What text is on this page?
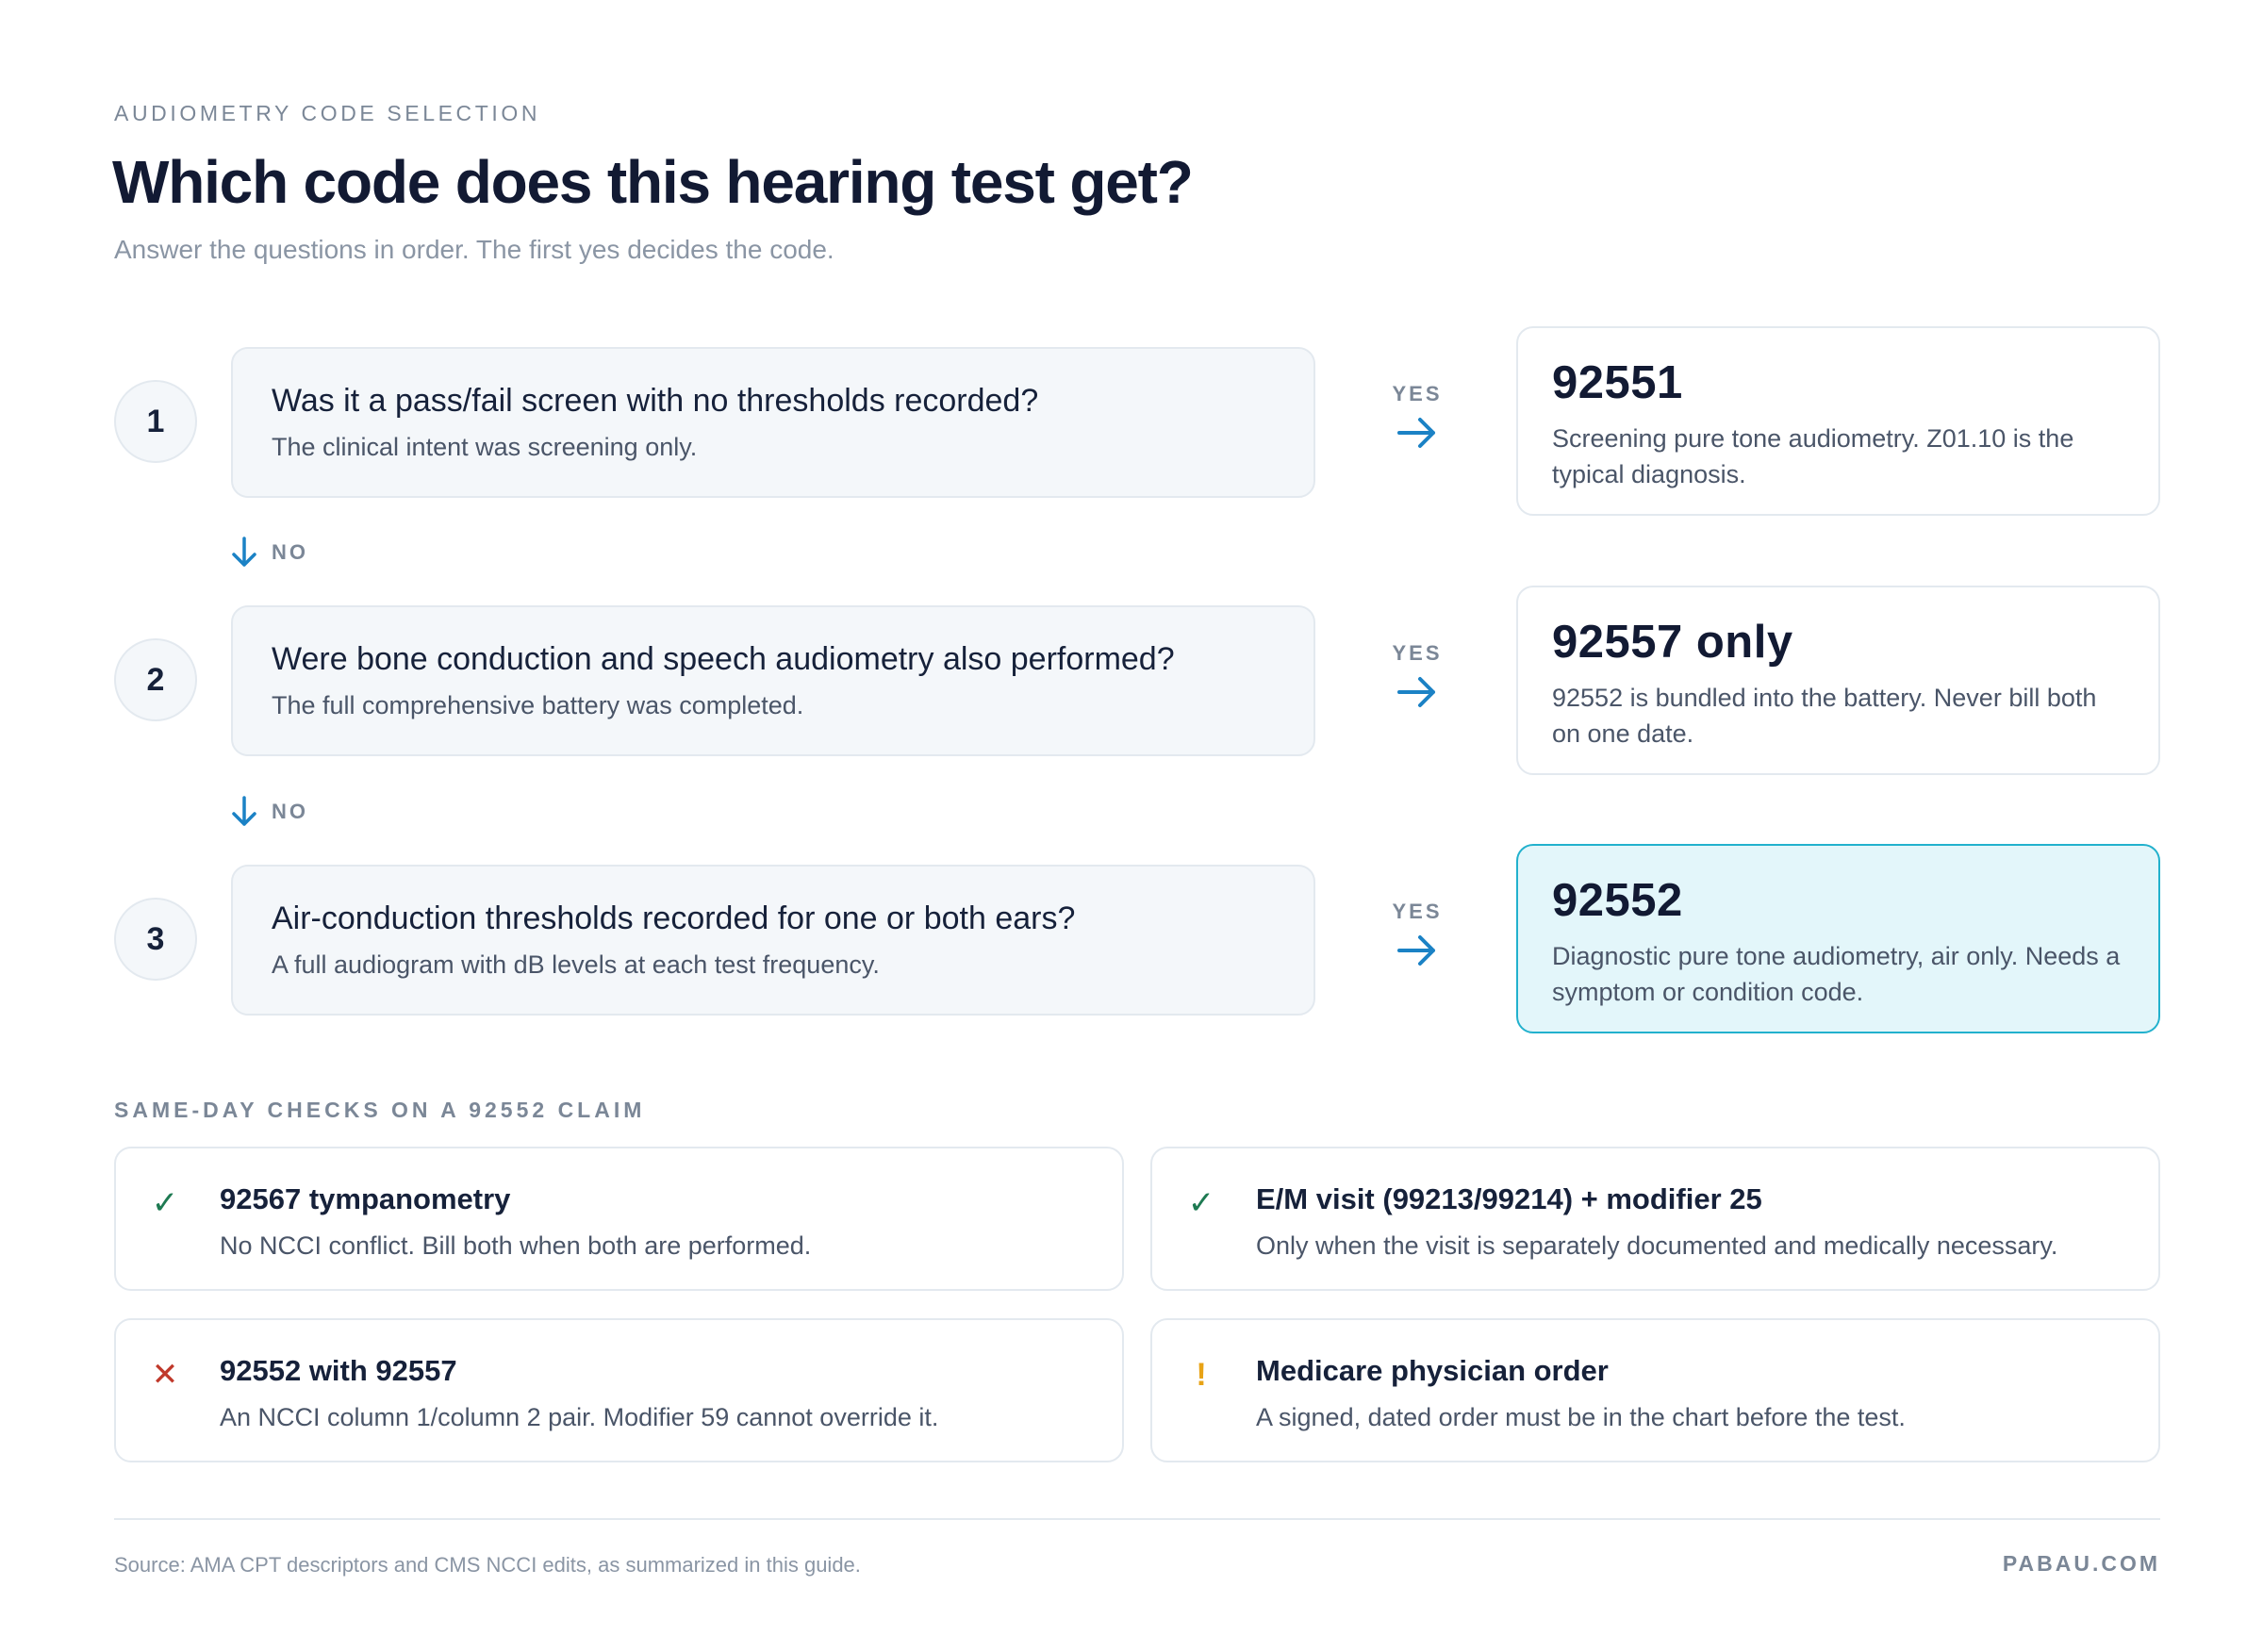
AUDIOMETRY CODE SELECTION
Which code does this hearing test get?
Answer the questions in order. The first yes decides the code.
1
Was it a pass/fail screen with no thresholds recorded?
The clinical intent was screening only.
YES 92551
Screening pure tone audiometry. Z01.10 is the typical diagnosis.
NO
2
Were bone conduction and speech audiometry also performed?
The full comprehensive battery was completed.
YES 92557 only
92552 is bundled into the battery. Never bill both on one date.
NO
3
Air-conduction thresholds recorded for one or both ears?
A full audiogram with dB levels at each test frequency.
YES 92552
Diagnostic pure tone audiometry, air only. Needs a symptom or condition code.
SAME-DAY CHECKS ON A 92552 CLAIM
✓ 92567 tympanometry
No NCCI conflict. Bill both when both are performed.
✓ E/M visit (99213/99214) + modifier 25
Only when the visit is separately documented and medically necessary.
✕ 92552 with 92557
An NCCI column 1/column 2 pair. Modifier 59 cannot override it.
! Medicare physician order
A signed, dated order must be in the chart before the test.
Source: AMA CPT descriptors and CMS NCCI edits, as summarized in this guide.	PABAU.COM
